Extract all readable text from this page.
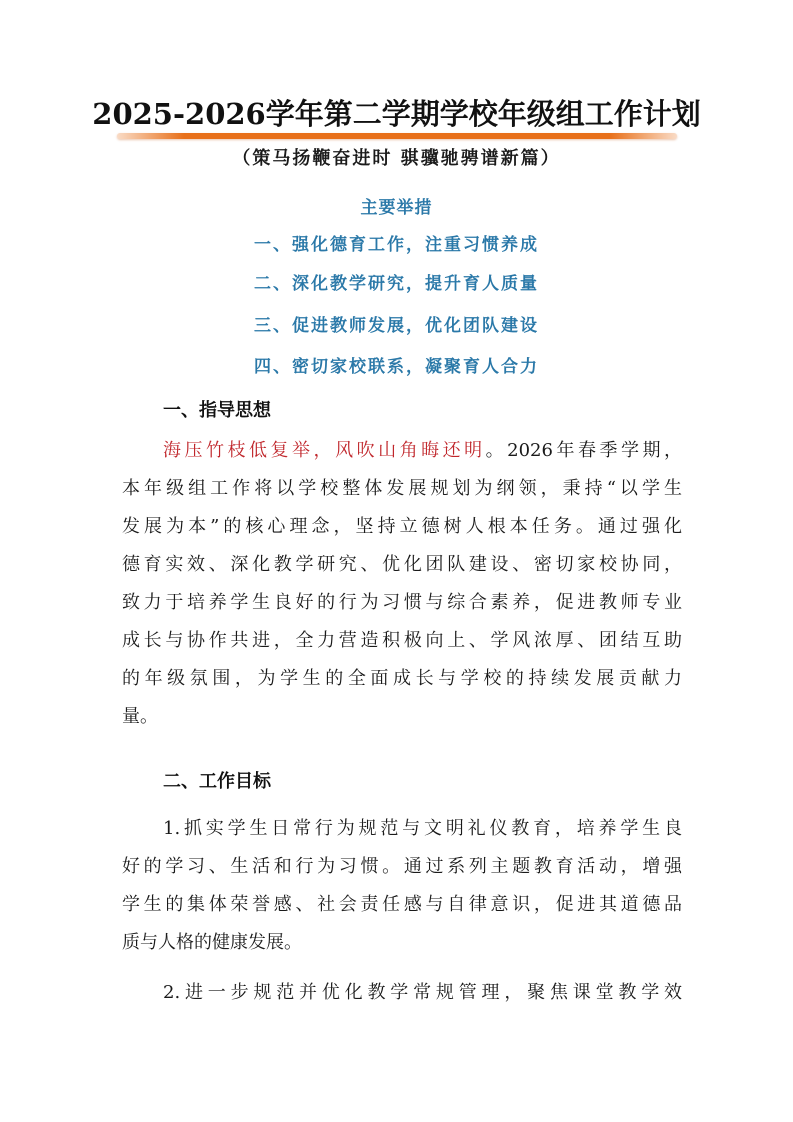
2025-2026学年第二学期学校年级组工作计划
（策马扬鞭奋进时 骐骥驰骋谱新篇）
主要举措
一、强化德育工作，注重习惯养成
二、深化教学研究，提升育人质量
三、促进教师发展，优化团队建设
四、密切家校联系，凝聚育人合力
一、指导思想
海压竹枝低复举，风吹山角晦还明。2026年春季学期，
本年级组工作将以学校整体发展规划为纲领，秉持“以学生
发展为本”的核心理念，坚持立德树人根本任务。通过强化
德育实效、深化教学研究、优化团队建设、密切家校协同，
致力于培养学生良好的行为习惯与综合素养，促进教师专业
成长与协作共进，全力营造积极向上、学风浓厚、团结互助
的年级氛围，为学生的全面成长与学校的持续发展贡献力
量。
二、工作目标
1.抓实学生日常行为规范与文明礼仪教育，培养学生良
好的学习、生活和行为习惯。通过系列主题教育活动，增强
学生的集体荣誉感、社会责任感与自律意识，促进其道德品
质与人格的健康发展。
2.进一步规范并优化教学常规管理，聚焦课堂教学效
